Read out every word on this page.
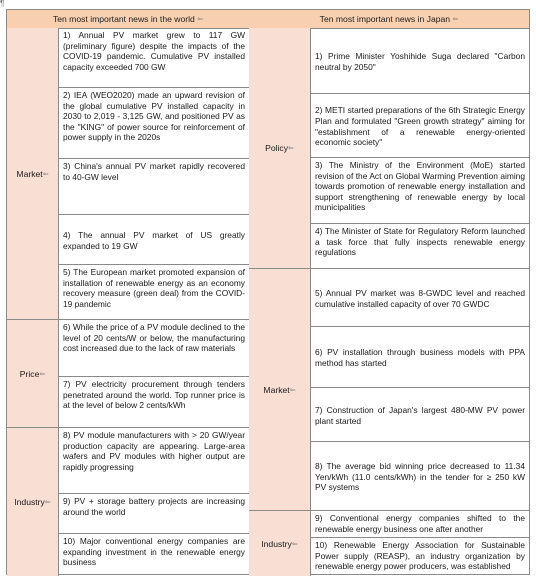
¶
Ten most important news in the world
⇐
Market ⇐
Price ⇐
Industry ⇐
1) Annual PV market grew to 117 GW (preliminary figure) despite the impacts of the COVID-19 pandemic. Cumulative PV installed capacity exceeded 700 GW
2) IEA (WEO2020) made an upward revision of the global cumulative PV installed capacity in 2030 to 2,019 - 3,125 GW, and positioned PV as the "KING" of power source for reinforcement of power supply in the 2020s
3) China's annual PV market rapidly recovered to 40-GW level
4) The annual PV market of US greatly expanded to 19 GW
5) The European market promoted expansion of installation of renewable energy as an economy recovery measure (green deal) from the COVID-19 pandemic
6) While the price of a PV module declined to the level of 20 cents/W or below, the manufacturing cost increased due to the lack of raw materials
7) PV electricity procurement through tenders penetrated around the world. Top runner price is at the level of below 2 cents/kWh
8) PV module manufacturers with > 20 GW/year production capacity are appearing. Large-area wafers and PV modules with higher output are rapidly progressing
9) PV + storage battery projects are increasing around the world
10) Major conventional energy companies are expanding investment in the renewable energy business
Ten most important news in Japan
⇐
Policy ⇐
Market ⇐
Industry ⇐
1) Prime Minister Yoshihide Suga declared "Carbon neutral by 2050"
2) METI started preparations of the 6th Strategic Energy Plan and formulated "Green growth strategy" aiming for "establishment of a renewable energy-oriented economic society"
3) The Ministry of the Environment (MoE) started revision of the Act on Global Warming Prevention aiming towards promotion of renewable energy installation and support strengthening of renewable energy by local municipalities
4) The Minister of State for Regulatory Reform launched a task force that fully inspects renewable energy regulations
5) Annual PV market was 8-GWDC level and reached cumulative installed capacity of over 70 GWDC
6) PV installation through business models with PPA method has started
7) Construction of Japan's largest 480-MW PV power plant started
8) The average bid winning price decreased to 11.34 Yen/kWh (11.0 cents/kWh) in the tender for ≥ 250 kW PV systems
9) Conventional energy companies shifted to the renewable energy business one after another
10) Renewable Energy Association for Sustainable Power supply (REASP), an industry organization by renewable energy power producers, was established
